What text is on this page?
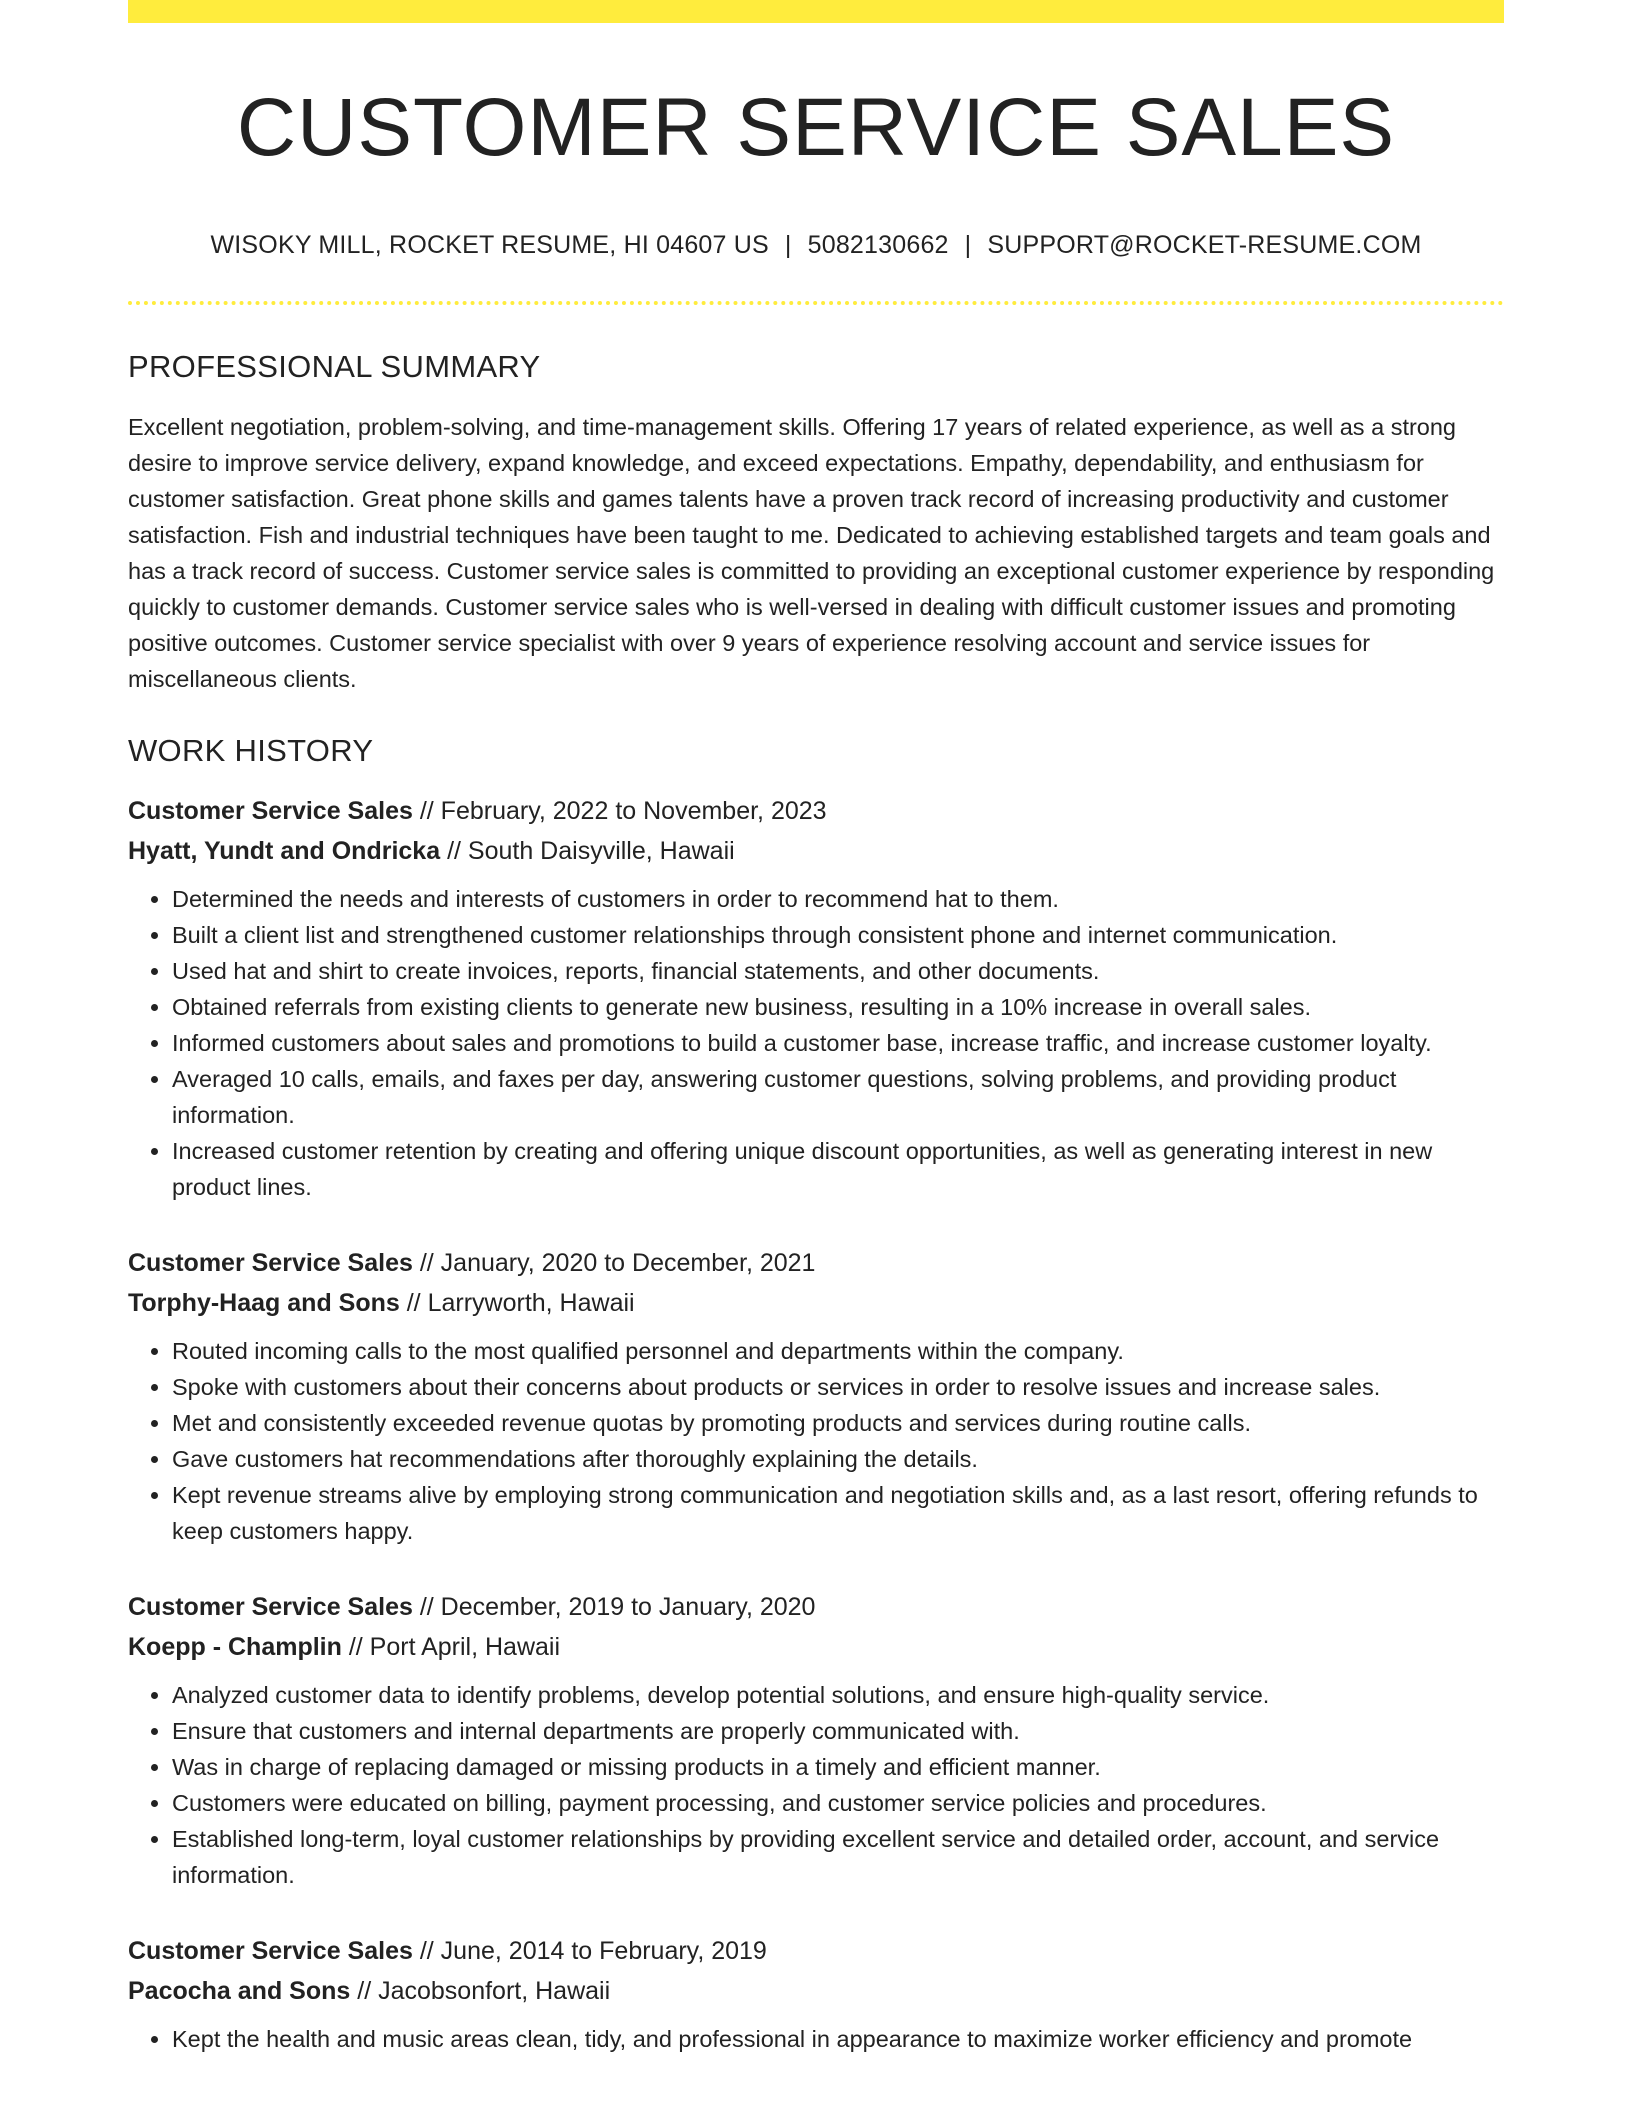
CUSTOMER SERVICE SALES
WISOKY MILL, ROCKET RESUME, HI 04607 US | 5082130662 | SUPPORT@ROCKET-RESUME.COM
PROFESSIONAL SUMMARY

Excellent negotiation, problem-solving, and time-management skills. Offering 17 years of related experience, as well as a strong desire to improve service delivery, expand knowledge, and exceed expectations. Empathy, dependability, and enthusiasm for customer satisfaction. Great phone skills and games talents have a proven track record of increasing productivity and customer satisfaction. Fish and industrial techniques have been taught to me. Dedicated to achieving established targets and team goals and has a track record of success. Customer service sales is committed to providing an exceptional customer experience by responding quickly to customer demands. Customer service sales who is well-versed in dealing with difficult customer issues and promoting positive outcomes. Customer service specialist with over 9 years of experience resolving account and service issues for miscellaneous clients.

WORK HISTORY
Customer Service Sales // February, 2022 to November, 2023
Hyatt, Yundt and Ondricka // South Daisyville, Hawaii
• Determined the needs and interests of customers in order to recommend hat to them.
• Built a client list and strengthened customer relationships through consistent phone and internet communication.
• Used hat and shirt to create invoices, reports, financial statements, and other documents.
• Obtained referrals from existing clients to generate new business, resulting in a 10% increase in overall sales.
• Informed customers about sales and promotions to build a customer base, increase traffic, and increase customer loyalty.
• Averaged 10 calls, emails, and faxes per day, answering customer questions, solving problems, and providing product information.
• Increased customer retention by creating and offering unique discount opportunities, as well as generating interest in new product lines.
Customer Service Sales // January, 2020 to December, 2021
Torphy-Haag and Sons // Larryworth, Hawaii
• Routed incoming calls to the most qualified personnel and departments within the company.
• Spoke with customers about their concerns about products or services in order to resolve issues and increase sales.
• Met and consistently exceeded revenue quotas by promoting products and services during routine calls.
• Gave customers hat recommendations after thoroughly explaining the details.
• Kept revenue streams alive by employing strong communication and negotiation skills and, as a last resort, offering refunds to keep customers happy.
Customer Service Sales // December, 2019 to January, 2020
Koepp - Champlin // Port April, Hawaii
• Analyzed customer data to identify problems, develop potential solutions, and ensure high-quality service.
• Ensure that customers and internal departments are properly communicated with.
• Was in charge of replacing damaged or missing products in a timely and efficient manner.
• Customers were educated on billing, payment processing, and customer service policies and procedures.
• Established long-term, loyal customer relationships by providing excellent service and detailed order, account, and service information.
Customer Service Sales // June, 2014 to February, 2019
Pacocha and Sons // Jacobsonfort, Hawaii
• Kept the health and music areas clean, tidy, and professional in appearance to maximize worker efficiency and promote
